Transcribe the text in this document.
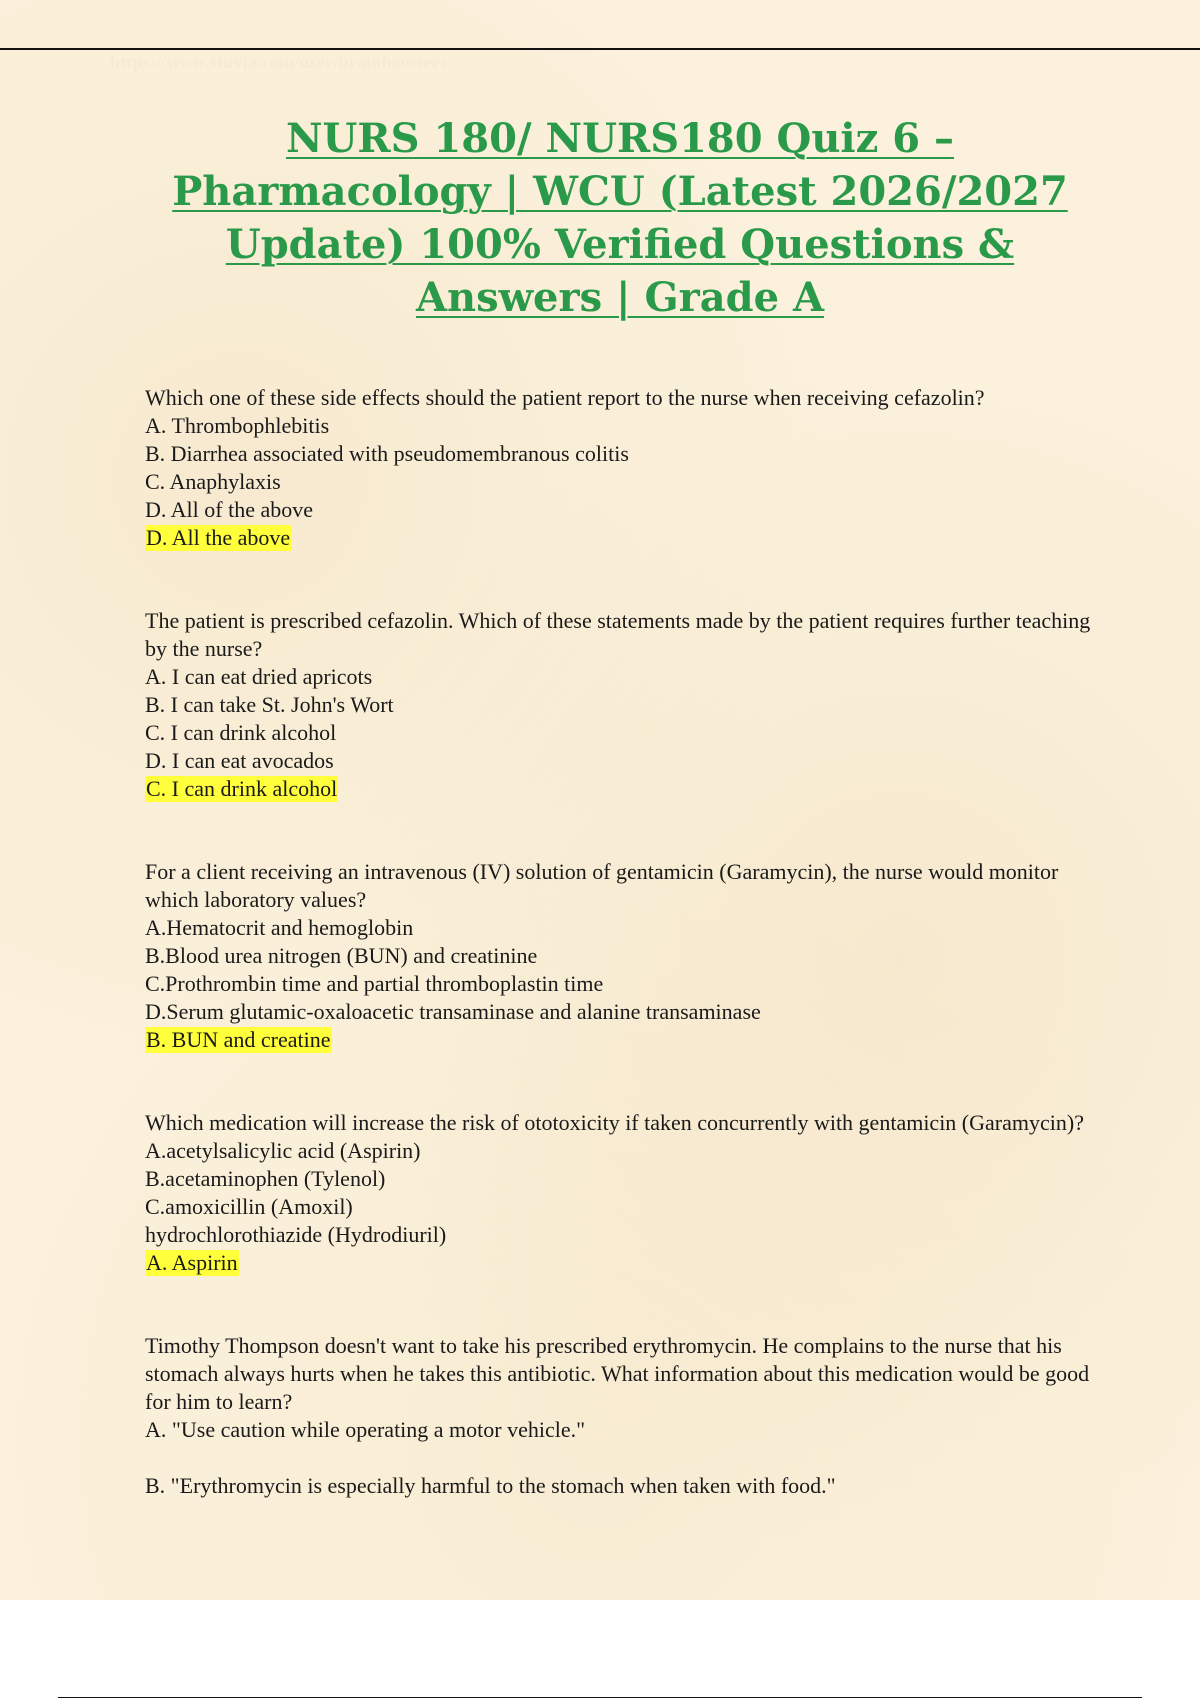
https://www.stuvia.com/user/brainboosters
NURS 180/ NURS180 Quiz 6 – Pharmacology | WCU (Latest 2026/2027 Update) 100% Verified Questions & Answers | Grade A

Which one of these side effects should the patient report to the nurse when receiving cefazolin?

A. Thrombophlebitis

B. Diarrhea associated with pseudomembranous colitis

C. Anaphylaxis

D. All of the above

D. All the above

The patient is prescribed cefazolin. Which of these statements made by the patient requires further teaching by the nurse?

A. I can eat dried apricots

B. I can take St. John's Wort

C. I can drink alcohol

D. I can eat avocados

C. I can drink alcohol

For a client receiving an intravenous (IV) solution of gentamicin (Garamycin), the nurse would monitor which laboratory values?

A.Hematocrit and hemoglobin

B.Blood urea nitrogen (BUN) and creatinine

C.Prothrombin time and partial thromboplastin time

D.Serum glutamic-oxaloacetic transaminase and alanine transaminase

B. BUN and creatine

Which medication will increase the risk of ototoxicity if taken concurrently with gentamicin (Garamycin)?

A.acetylsalicylic acid (Aspirin)

B.acetaminophen (Tylenol)

C.amoxicillin (Amoxil)

hydrochlorothiazide (Hydrodiuril)

A. Aspirin

Timothy Thompson doesn't want to take his prescribed erythromycin. He complains to the nurse that his stomach always hurts when he takes this antibiotic. What information about this medication would be good for him to learn?

A. "Use caution while operating a motor vehicle."

B. "Erythromycin is especially harmful to the stomach when taken with food."
